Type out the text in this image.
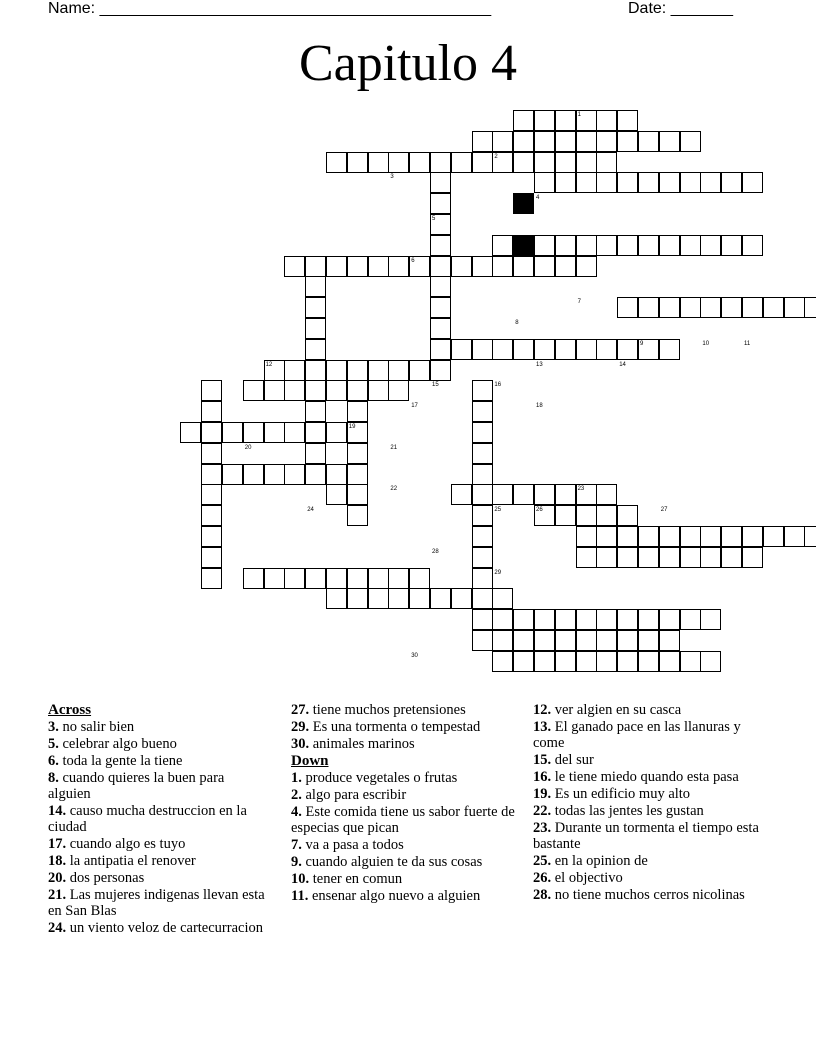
Name: ____________________________________________	Date: _______
Capitulo 4
1
2
3
4
5
6
7
8
9	10	11
12	13	14
15	16
17	18
19
20	21
22	23
24	25	26	27
28
29
30
Across
3. no salir bien
5. celebrar algo bueno
6. toda la gente la tiene
8. cuando quieres la buen para alguien
14. causo mucha destruccion en la ciudad
17. cuando algo es tuyo
18. la antipatia el renover
20. dos personas
21. Las mujeres indigenas llevan esta en San Blas
24. un viento veloz de cartecurracion
27. tiene muchos pretensiones
29. Es una tormenta o tempestad
30. animales marinos
Down
1. produce vegetales o frutas
2. algo para escribir
4. Este comida tiene us sabor fuerte de especias que pican
7. va a pasa a todos
9. cuando alguien te da sus cosas
10. tener en comun
11. ensenar algo nuevo a alguien
12. ver algien en su casca
13. El ganado pace en las llanuras y come
15. del sur
16. le tiene miedo quando esta pasa
19. Es un edificio muy alto
22. todas las jentes les gustan
23. Durante un tormenta el tiempo esta bastante
25. en la opinion de
26. el objectivo
28. no tiene muchos cerros nicolinas
